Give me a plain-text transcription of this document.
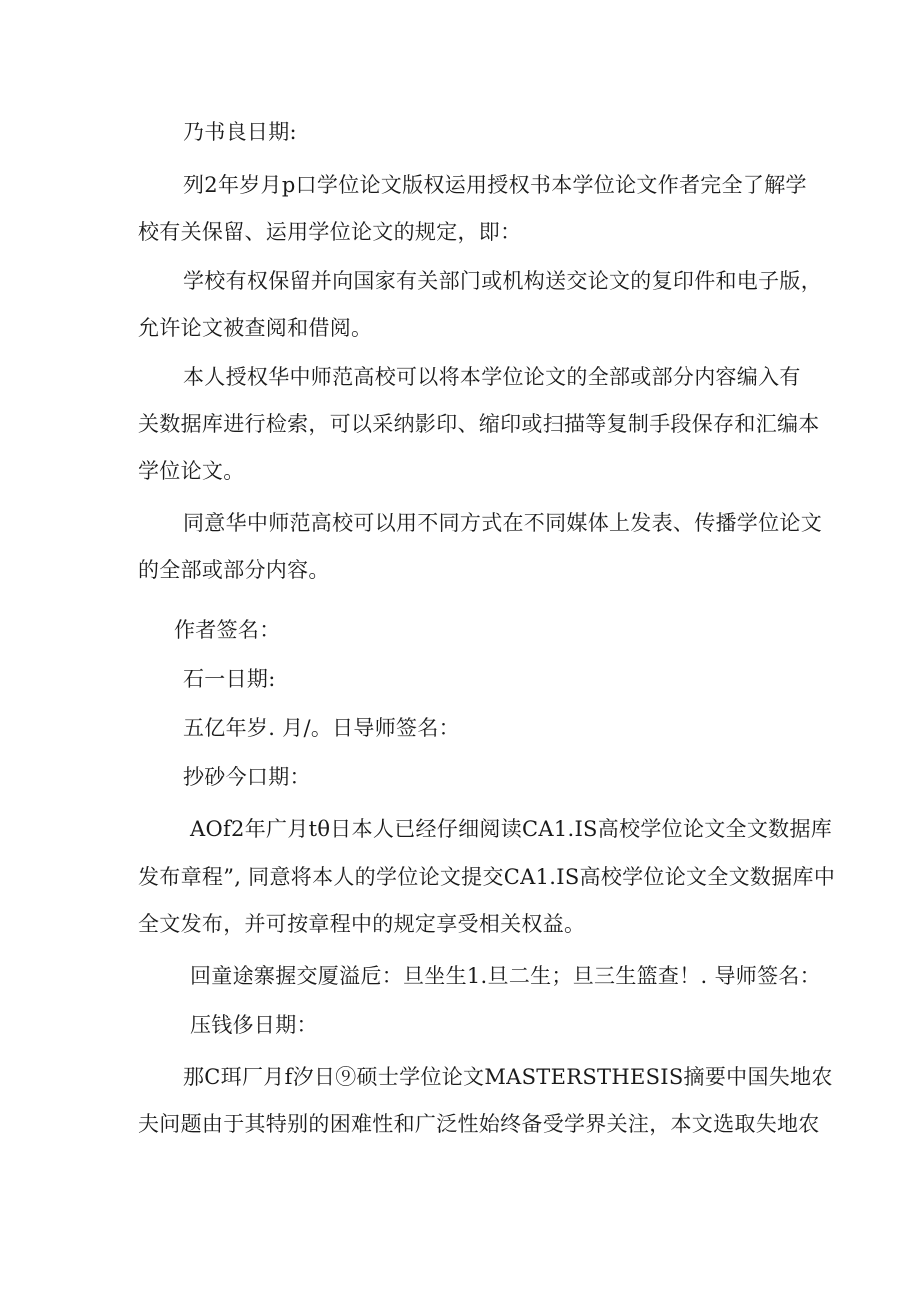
乃书良日期:
列2年岁月p口学位论文版权运用授权书本学位论文作者完全了解学
校有关保留、运用学位论文的规定，即：
学校有权保留并向国家有关部门或机构送交论文的复印件和电子版，
允许论文被查阅和借阅。
本人授权华中师范高校可以将本学位论文的全部或部分内容编入有
关数据库进行检索，可以采纳影印、缩印或扫描等复制手段保存和汇编本
学位论文。
同意华中师范高校可以用不同方式在不同媒体上发表、传播学位论文
的全部或部分内容。
作者签名：
石一日期:
五亿年岁. 月/。日导师签名：
抄砂今口期：
AOf2年广月tθ日本人已经仔细阅读CA1.IS高校学位论文全文数据库
发布章程”, 同意将本人的学位论文提交CA1.IS高校学位论文全文数据库中
全文发布，并可按章程中的规定享受相关权益。
回童途寨握交厦溢卮：旦坐生1.旦二生；旦三生篮查！. 导师签名：
压钱侈日期：
那C珥厂月f汐日⑨硕士学位论文MASTERSTHESIS摘要中国失地农
夫问题由于其特别的困难性和广泛性始终备受学界关注，本文选取失地农
